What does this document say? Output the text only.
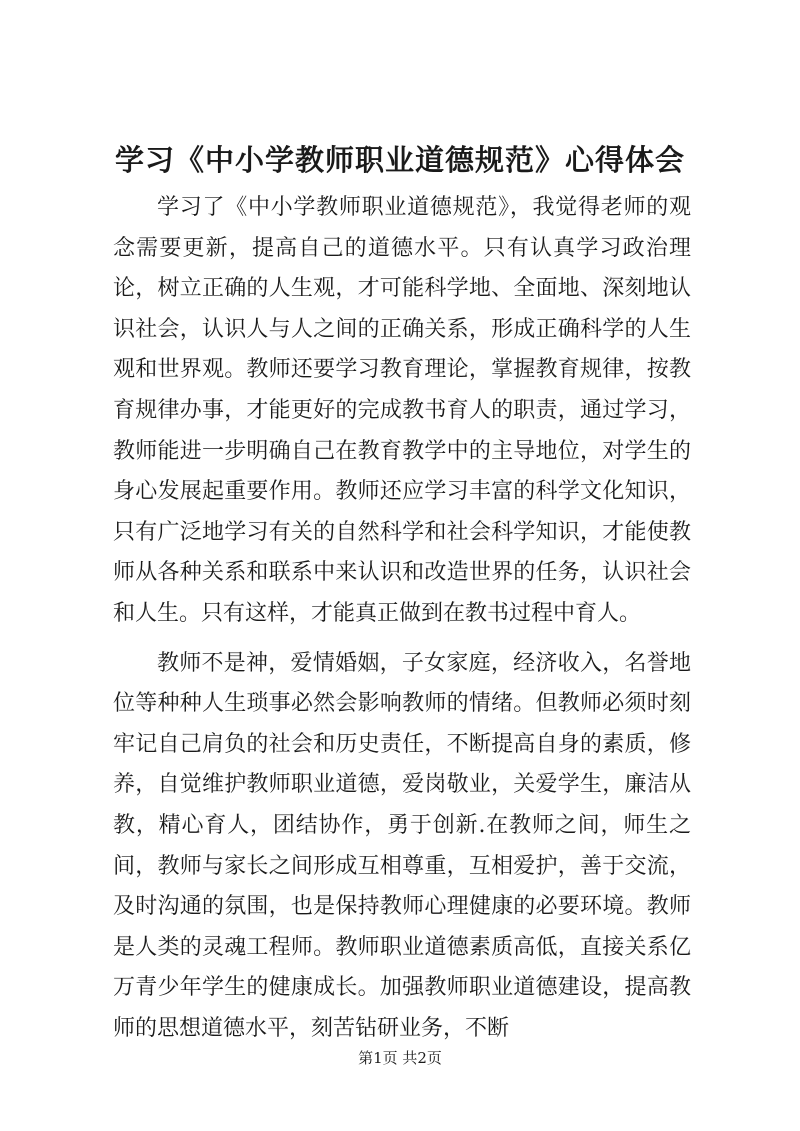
学习《中小学教师职业道德规范》心得体会

学习了《中小学教师职业道德规范》，我觉得老师的观念需要更新，提高自己的道德水平。只有认真学习政治理论，树立正确的人生观，才可能科学地、全面地、深刻地认识社会，认识人与人之间的正确关系，形成正确科学的人生观和世界观。教师还要学习教育理论，掌握教育规律，按教育规律办事，才能更好的完成教书育人的职责，通过学习，教师能进一步明确自己在教育教学中的主导地位，对学生的身心发展起重要作用。教师还应学习丰富的科学文化知识，只有广泛地学习有关的自然科学和社会科学知识，才能使教师从各种关系和联系中来认识和改造世界的任务，认识社会和人生。只有这样，才能真正做到在教书过程中育人。

教师不是神，爱情婚姻，子女家庭，经济收入，名誉地位等种种人生琐事必然会影响教师的情绪。但教师必须时刻牢记自己肩负的社会和历史责任，不断提高自身的素质，修养，自觉维护教师职业道德，爱岗敬业，关爱学生，廉洁从教，精心育人，团结协作，勇于创新.在教师之间，师生之间，教师与家长之间形成互相尊重，互相爱护，善于交流，及时沟通的氛围，也是保持教师心理健康的必要环境。教师是人类的灵魂工程师。教师职业道德素质高低，直接关系亿万青少年学生的健康成长。加强教师职业道德建设，提高教师的思想道德水平，刻苦钻研业务，不断

第1页 共2页
